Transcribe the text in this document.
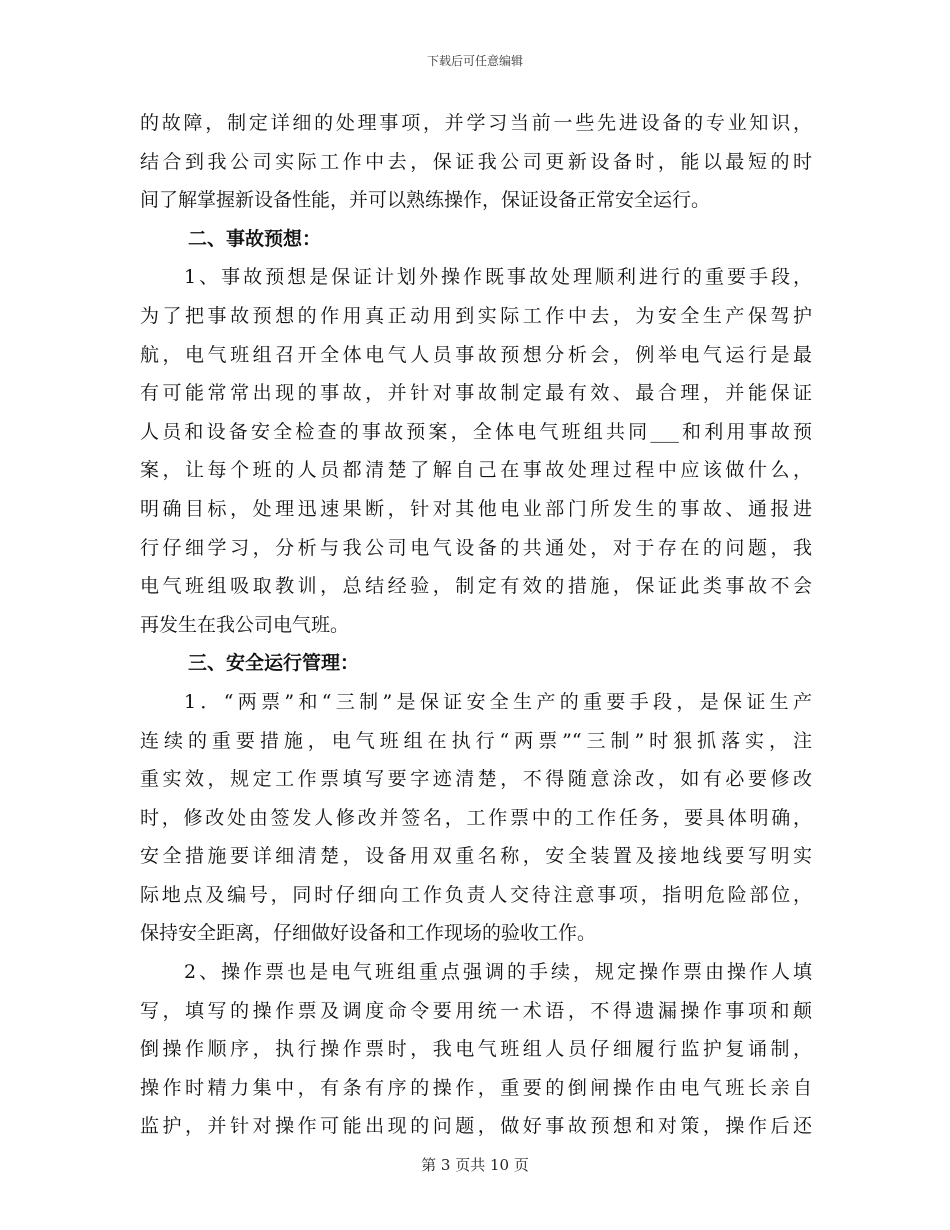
下载后可任意编辑
的故障，制定详细的处理事项，并学习当前一些先进设备的专业知识，
结合到我公司实际工作中去，保证我公司更新设备时，能以最短的时
间了解掌握新设备性能，并可以熟练操作，保证设备正常安全运行。
二、事故预想：
1、事故预想是保证计划外操作既事故处理顺利进行的重要手段，
为了把事故预想的作用真正动用到实际工作中去，为安全生产保驾护
航，电气班组召开全体电气人员事故预想分析会，例举电气运行是最
有可能常常出现的事故，并针对事故制定最有效、最合理，并能保证
人员和设备安全检查的事故预案，全体电气班组共同___和利用事故预
案，让每个班的人员都清楚了解自己在事故处理过程中应该做什么，
明确目标，处理迅速果断，针对其他电业部门所发生的事故、通报进
行仔细学习，分析与我公司电气设备的共通处，对于存在的问题，我
电气班组吸取教训，总结经验，制定有效的措施，保证此类事故不会
再发生在我公司电气班。
三、安全运行管理：
1．“两票”和“三制”是保证安全生产的重要手段，是保证生产
连续的重要措施，电气班组在执行“两票”“三制”时狠抓落实，注
重实效，规定工作票填写要字迹清楚，不得随意涂改，如有必要修改
时，修改处由签发人修改并签名，工作票中的工作任务，要具体明确，
安全措施要详细清楚，设备用双重名称，安全装置及接地线要写明实
际地点及编号，同时仔细向工作负责人交待注意事项，指明危险部位，
保持安全距离，仔细做好设备和工作现场的验收工作。
2、操作票也是电气班组重点强调的手续，规定操作票由操作人填
写，填写的操作票及调度命令要用统一术语，不得遗漏操作事项和颠
倒操作顺序，执行操作票时，我电气班组人员仔细履行监护复诵制，
操作时精力集中，有条有序的操作，重要的倒闸操作由电气班长亲自
监护，并针对操作可能出现的问题，做好事故预想和对策，操作后还
第 3 页共 10 页
